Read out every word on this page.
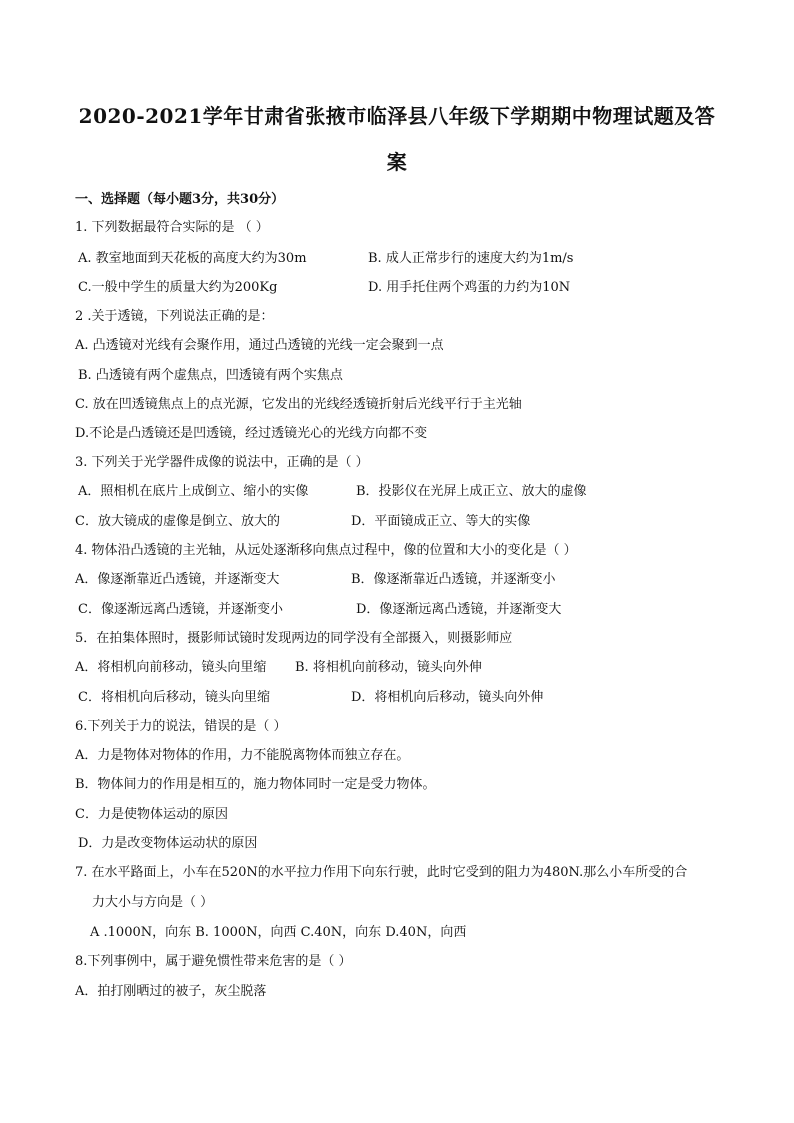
2020-2021学年甘肃省张掖市临泽县八年级下学期期中物理试题及答
案
一、选择题（每小题3分，共30分）
1. 下列数据最符合实际的是 （ ）
A. 教室地面到天花板的高度大约为30m	B. 成人正常步行的速度大约为1m/s
C.一般中学生的质量大约为200Kg	D. 用手托住两个鸡蛋的力约为10N
2 .关于透镜，下列说法正确的是：
A. 凸透镜对光线有会聚作用，通过凸透镜的光线一定会聚到一点
B. 凸透镜有两个虚焦点，凹透镜有两个实焦点
C. 放在凹透镜焦点上的点光源，它发出的光线经透镜折射后光线平行于主光轴
D.不论是凸透镜还是凹透镜，经过透镜光心的光线方向都不变
3. 下列关于光学器件成像的说法中，正确的是（ ）
A．照相机在底片上成倒立、缩小的实像	B．投影仪在光屏上成正立、放大的虚像
C．放大镜成的虚像是倒立、放大的	D．平面镜成正立、等大的实像
4. 物体沿凸透镜的主光轴，从远处逐渐移向焦点过程中，像的位置和大小的变化是（ ）
A．像逐渐靠近凸透镜，并逐渐变大	B．像逐渐靠近凸透镜，并逐渐变小
C．像逐渐远离凸透镜，并逐渐变小	D．像逐渐远离凸透镜，并逐渐变大
5．在拍集体照时，摄影师试镜时发现两边的同学没有全部摄入，则摄影师应
A．将相机向前移动，镜头向里缩 B. 将相机向前移动，镜头向外伸
C．将相机向后移动，镜头向里缩	D．将相机向后移动，镜头向外伸
6.下列关于力的说法，错误的是（ ）
A．力是物体对物体的作用，力不能脱离物体而独立存在。
B．物体间力的作用是相互的，施力物体同时一定是受力物体。
C．力是使物体运动的原因
D．力是改变物体运动状的原因
7. 在水平路面上，小车在520N的水平拉力作用下向东行驶，此时它受到的阻力为480N.那么小车所受的合
力大小与方向是（ ）
A .1000N，向东 B. 1000N，向西 C.40N，向东 D.40N，向西
8.下列事例中，属于避免惯性带来危害的是（ ）
A．拍打刚晒过的被子，灰尘脱落
